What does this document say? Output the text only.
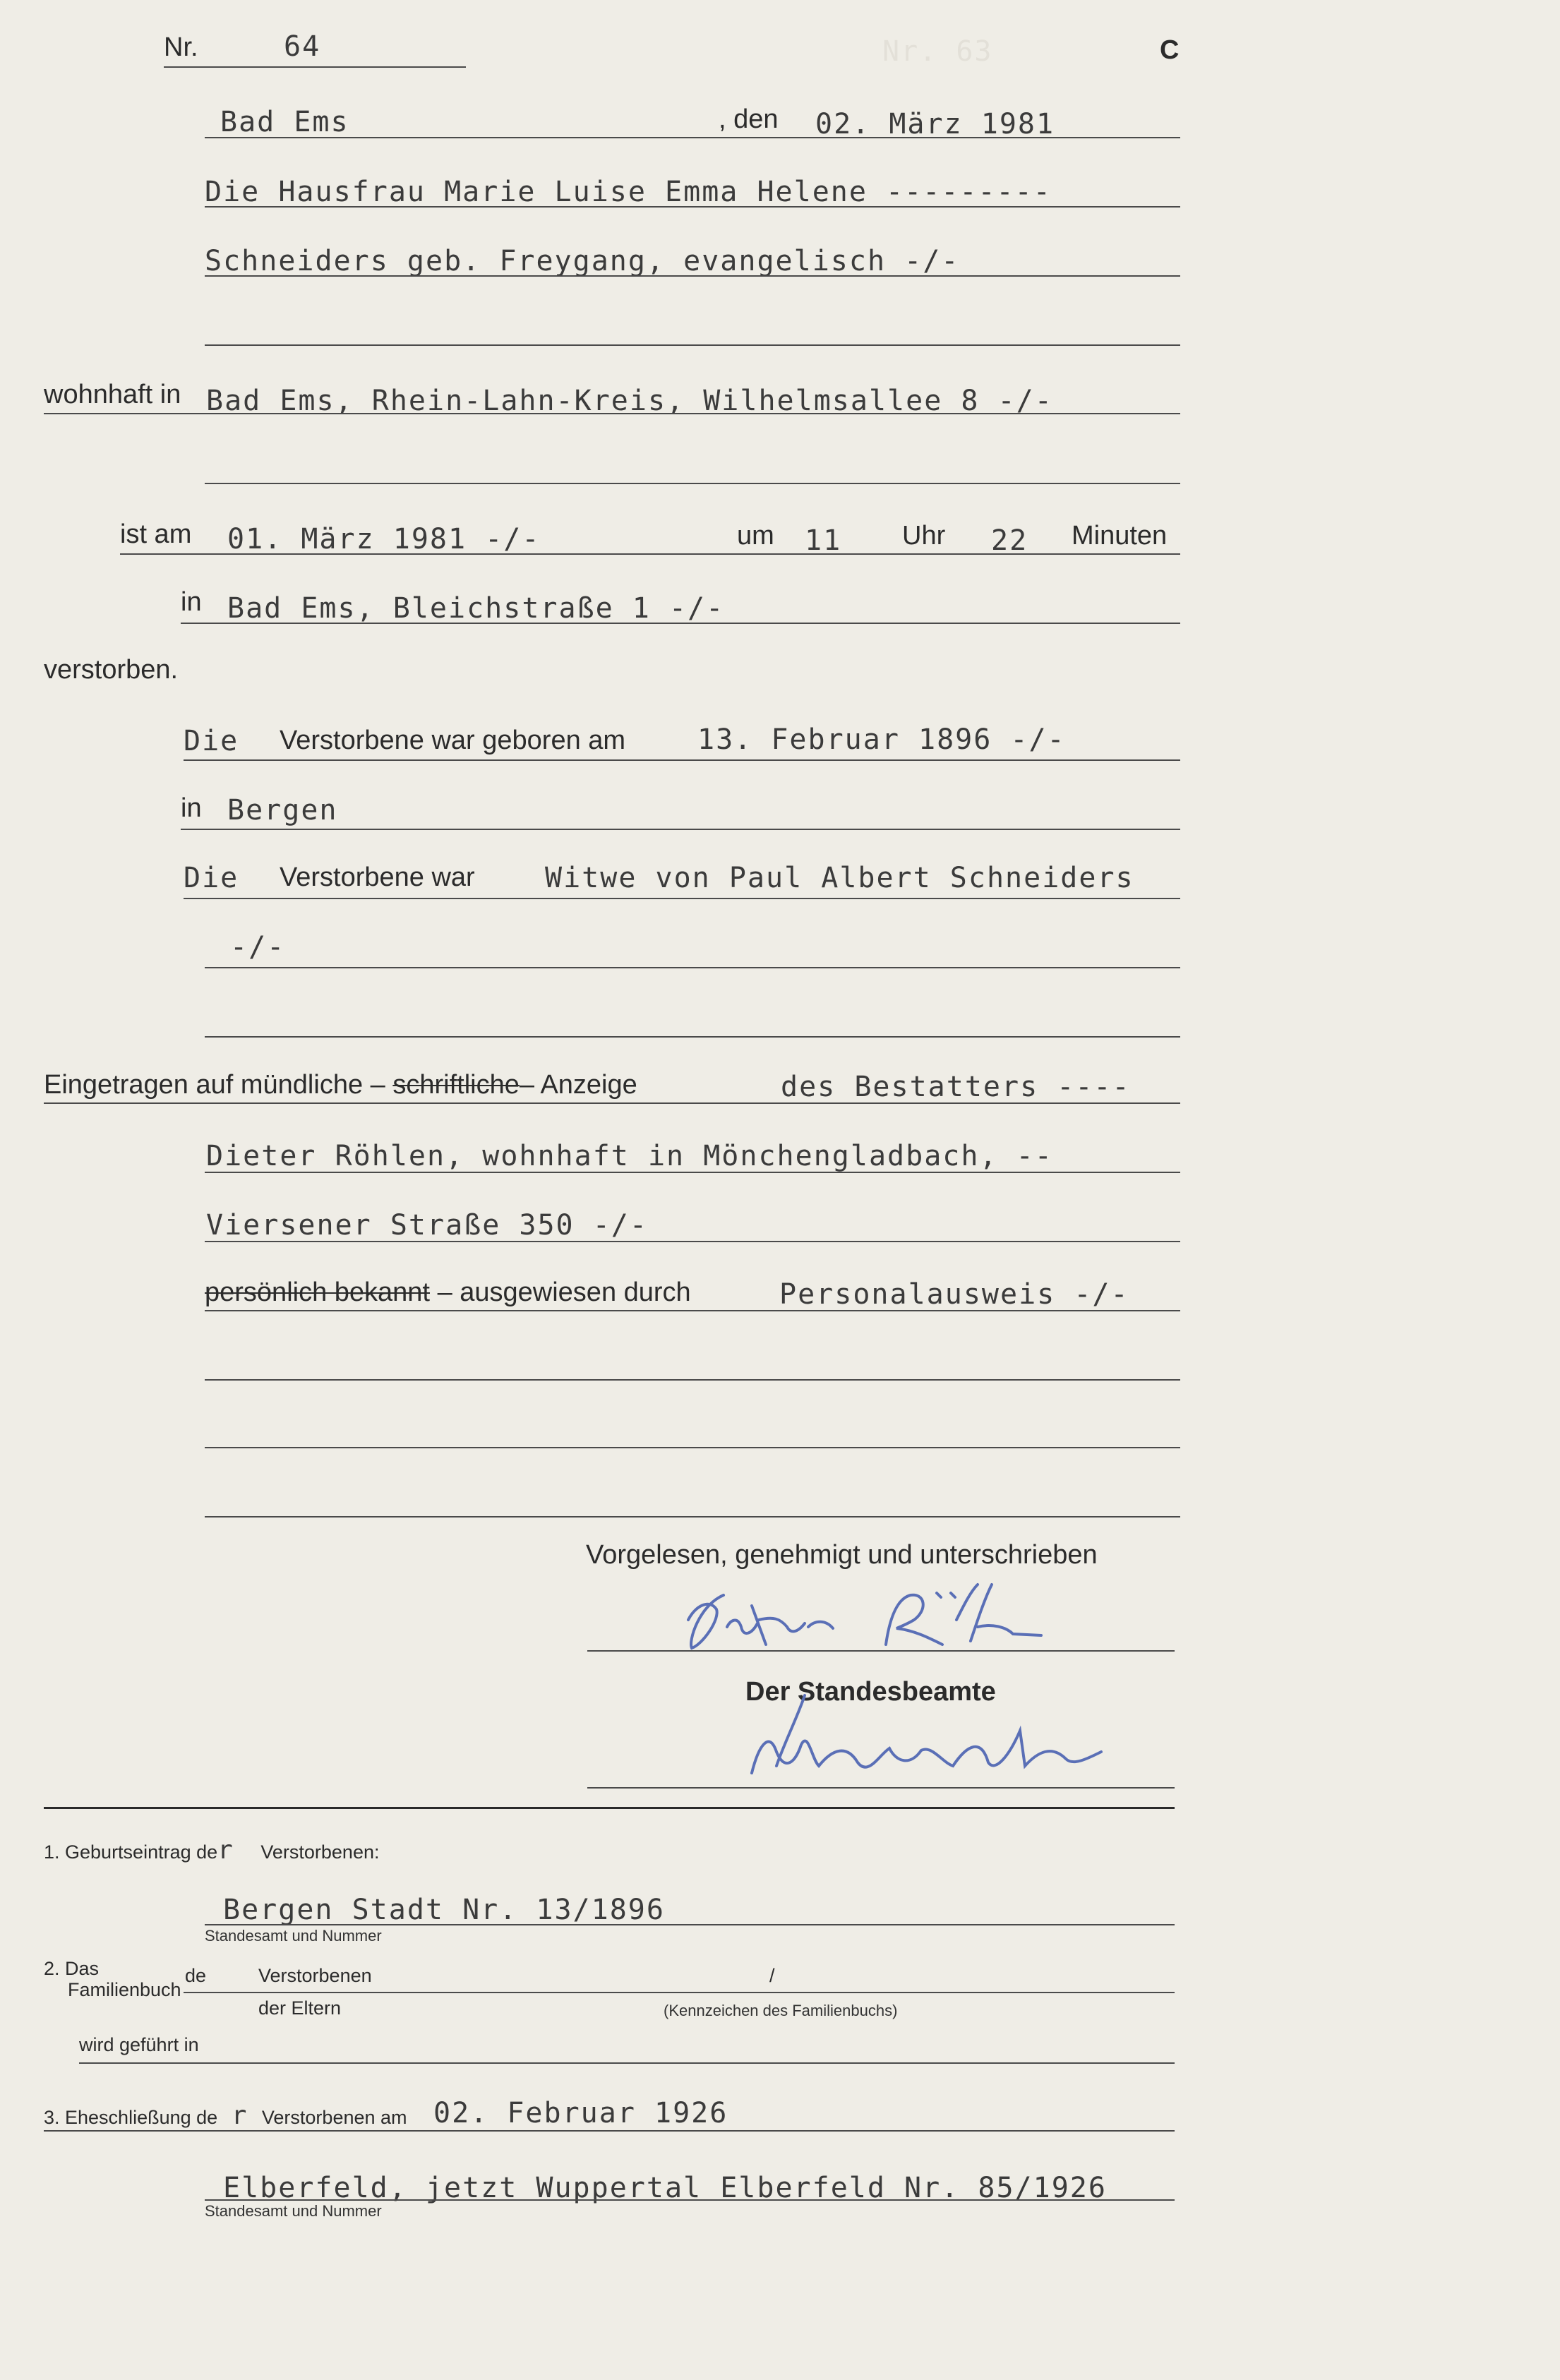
Nr. 63
Nr.	64	C
Bad Ems	, den 02. März 1981
Die Hausfrau Marie Luise Emma Helene ---------
Schneiders geb. Freygang, evangelisch -/-
wohnhaft in Bad Ems, Rhein-Lahn-Kreis, Wilhelmsallee 8 -/-
ist am 01. März 1981 -/-	um 11 Uhr 22 Minuten
in Bad Ems, Bleichstraße 1 -/-
verstorben.
Die Verstorbene war geboren am	13. Februar 1896 -/-
in Bergen
Die Verstorbene war Witwe von Paul Albert Schneiders
-/-
Eingetragen auf mündliche – schriftliche– Anzeige	des Bestatters ----
Dieter Röhlen, wohnhaft in Mönchengladbach, --
Viersener Straße 350 -/-
persönlich bekannt – ausgewiesen durch	Personalausweis -/-
Vorgelesen, genehmigt und unterschrieben
Der Standesbeamte
1. Geburtseintrag der Verstorbenen:
Bergen Stadt Nr. 13/1896
Standesamt und Nummer
2. Das
Familienbuch
de	Verstorbenen	/
der Eltern	(Kennzeichen des Familienbuchs)
wird geführt in
3. Eheschließung de r Verstorbenen am 02. Februar 1926
Elberfeld, jetzt Wuppertal Elberfeld Nr. 85/1926
Standesamt und Nummer
